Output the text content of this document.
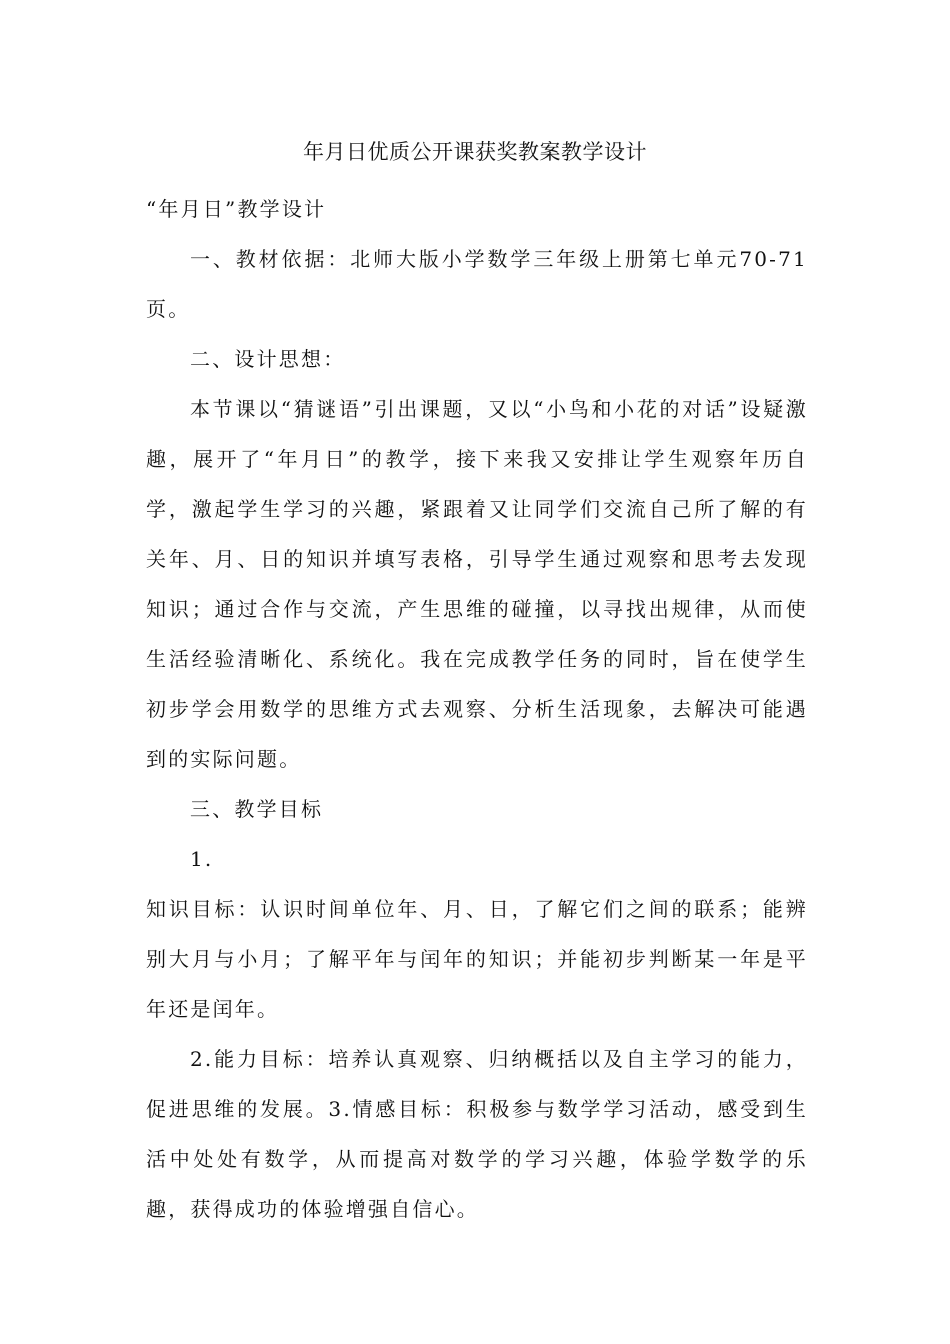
年月日优质公开课获奖教案教学设计

“年月日”教学设计

一、教材依据：北师大版小学数学三年级上册第七单元70-71页。

二、设计思想：

本节课以“猜谜语”引出课题，又以“小鸟和小花的对话”设疑激趣，展开了“年月日”的教学，接下来我又安排让学生观察年历自学，激起学生学习的兴趣，紧跟着又让同学们交流自己所了解的有关年、月、日的知识并填写表格，引导学生通过观察和思考去发现知识；通过合作与交流，产生思维的碰撞，以寻找出规律，从而使生活经验清晰化、系统化。我在完成教学任务的同时，旨在使学生初步学会用数学的思维方式去观察、分析生活现象，去解决可能遇到的实际问题。

三、教学目标

1.

知识目标：认识时间单位年、月、日，了解它们之间的联系；能辨别大月与小月；了解平年与闰年的知识；并能初步判断某一年是平年还是闰年。

2.能力目标：培养认真观察、归纳概括以及自主学习的能力，促进思维的发展。3.情感目标：积极参与数学学习活动，感受到生活中处处有数学，从而提高对数学的学习兴趣，体验学数学的乐趣，获得成功的体验增强自信心。
